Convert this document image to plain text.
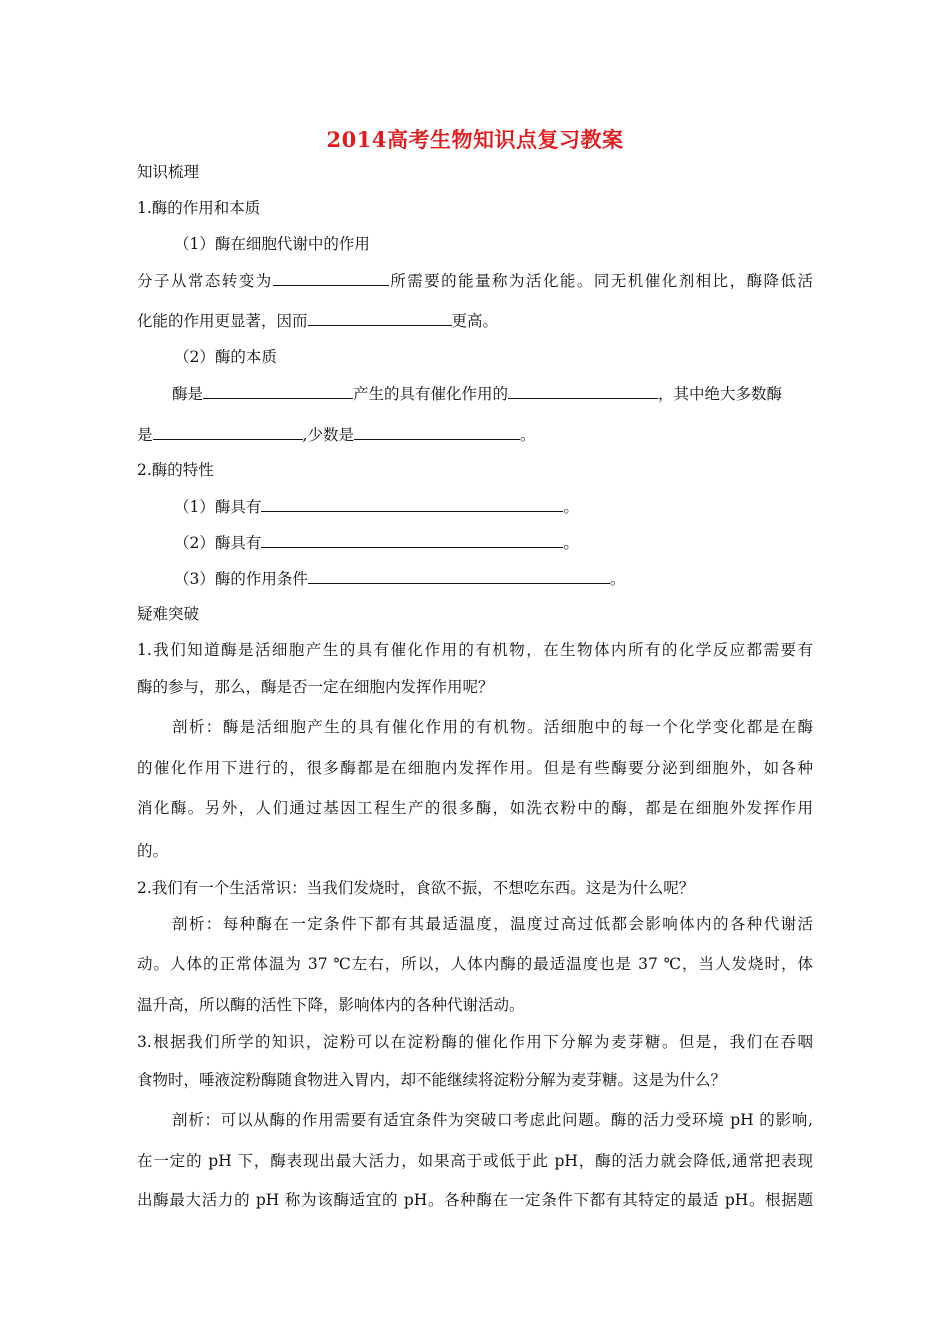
2014高考生物知识点复习教案
知识梳理
1.酶的作用和本质
（1）酶在细胞代谢中的作用
分子从常态转变为	所需要的能量称为活化能。同无机催化剂相比，酶降低活
化能的作用更显著，因而	更高。
（2）酶的本质
酶是	产生的具有催化作用的	，其中绝大多数酶
是	,少数是	。
2.酶的特性
（1）酶具有	。
（2）酶具有	。
（3）酶的作用条件	。
疑难突破
1.我们知道酶是活细胞产生的具有催化作用的有机物，在生物体内所有的化学反应都需要有
酶的参与，那么，酶是否一定在细胞内发挥作用呢？
剖析：酶是活细胞产生的具有催化作用的有机物。活细胞中的每一个化学变化都是在酶
的催化作用下进行的，很多酶都是在细胞内发挥作用。但是有些酶要分泌到细胞外，如各种
消化酶。另外，人们通过基因工程生产的很多酶，如洗衣粉中的酶，都是在细胞外发挥作用
的。
2.我们有一个生活常识：当我们发烧时，食欲不振，不想吃东西。这是为什么呢？
剖析：每种酶在一定条件下都有其最适温度，温度过高过低都会影响体内的各种代谢活
动。人体的正常体温为 37 ℃左右，所以，人体内酶的最适温度也是 37 ℃，当人发烧时，体
温升高，所以酶的活性下降，影响体内的各种代谢活动。
3.根据我们所学的知识，淀粉可以在淀粉酶的催化作用下分解为麦芽糖。但是，我们在吞咽
食物时，唾液淀粉酶随食物进入胃内，却不能继续将淀粉分解为麦芽糖。这是为什么？
剖析：可以从酶的作用需要有适宜条件为突破口考虑此问题。酶的活力受环境 pH 的影响,
在一定的 pH 下，酶表现出最大活力，如果高于或低于此 pH，酶的活力就会降低,通常把表现
出酶最大活力的 pH 称为该酶适宜的 pH。各种酶在一定条件下都有其特定的最适 pH。根据题
